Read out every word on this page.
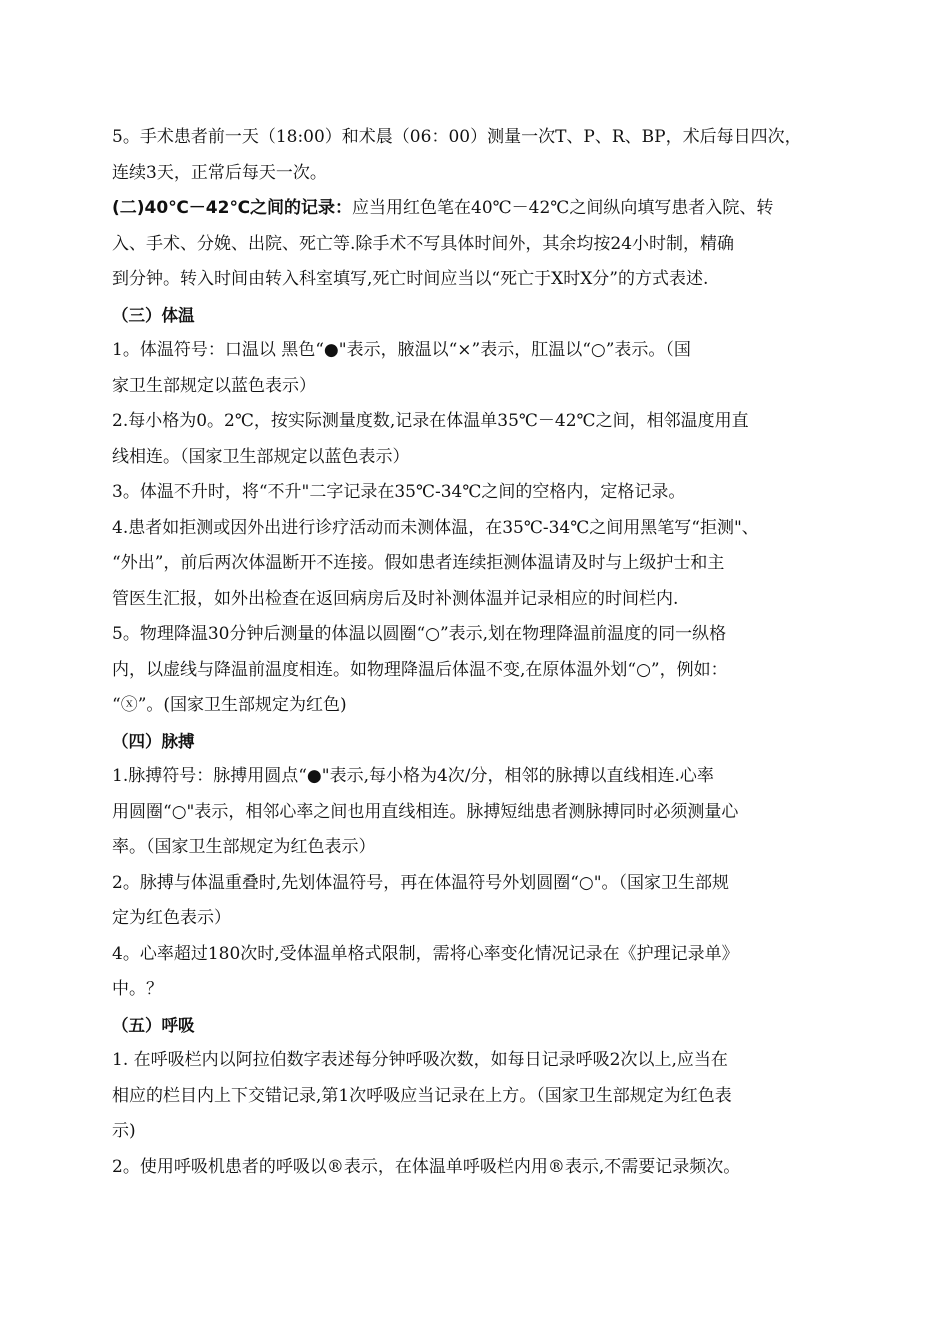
5。手术患者前一天（18:00）和术晨（06：00）测量一次T、P、R、BP，术后每日四次，
连续3天，正常后每天一次。
(二)40℃－42℃之间的记录：应当用红色笔在40℃－42℃之间纵向填写患者入院、转
入、手术、分娩、出院、死亡等.除手术不写具体时间外，其余均按24小时制，精确
到分钟。转入时间由转入科室填写,死亡时间应当以“死亡于X时X分”的方式表述.
（三）体温
1。体温符号：口温以 黑色“●"表示，腋温以“×”表示，肛温以“○”表示。（国
家卫生部规定以蓝色表示）
2.每小格为0。2℃，按实际测量度数,记录在体温单35℃－42℃之间，相邻温度用直
线相连。（国家卫生部规定以蓝色表示）
3。体温不升时，将“不升"二字记录在35℃-34℃之间的空格内，定格记录。
4.患者如拒测或因外出进行诊疗活动而未测体温，在35℃-34℃之间用黑笔写“拒测"、
“外出”，前后两次体温断开不连接。假如患者连续拒测体温请及时与上级护士和主
管医生汇报，如外出检查在返回病房后及时补测体温并记录相应的时间栏内.
5。物理降温30分钟后测量的体温以圆圈“○”表示,划在物理降温前温度的同一纵格
内，以虚线与降温前温度相连。如物理降温后体温不变,在原体温外划“○”，例如：
“ⓧ”。(国家卫生部规定为红色)
（四）脉搏
1.脉搏符号：脉搏用圆点“●"表示,每小格为4次/分，相邻的脉搏以直线相连.心率
用圆圈“○"表示，相邻心率之间也用直线相连。脉搏短绌患者测脉搏同时必须测量心
率。（国家卫生部规定为红色表示）
2。脉搏与体温重叠时,先划体温符号，再在体温符号外划圆圈“○"。（国家卫生部规
定为红色表示）
4。心率超过180次时,受体温单格式限制，需将心率变化情况记录在《护理记录单》
中。？
（五）呼吸
1. 在呼吸栏内以阿拉伯数字表述每分钟呼吸次数，如每日记录呼吸2次以上,应当在
相应的栏目内上下交错记录,第1次呼吸应当记录在上方。（国家卫生部规定为红色表
示)
2。使用呼吸机患者的呼吸以®表示，在体温单呼吸栏内用®表示,不需要记录频次。
